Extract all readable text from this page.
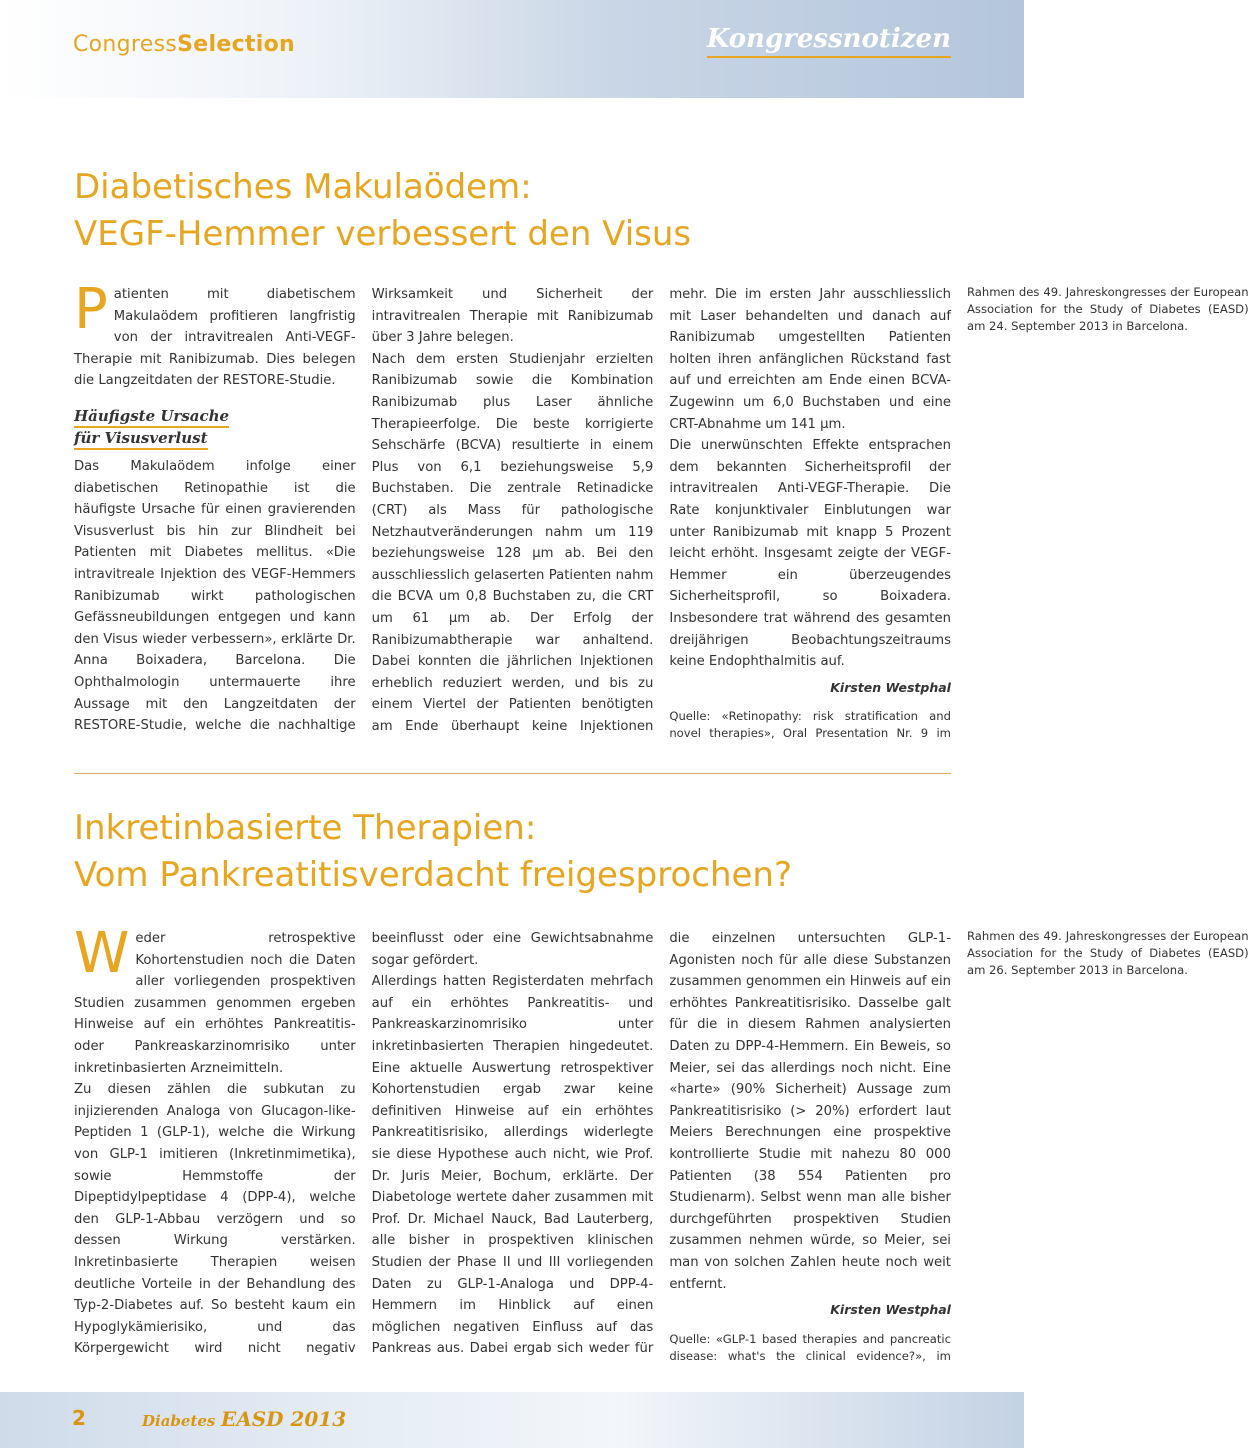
CongressSelection	Kongressnotizen
Diabetisches Makulaödem:
VEGF-Hemmer verbessert den Visus

Patienten mit diabetischem Makulaödem profitieren langfristig von der intravitrealen Anti-VEGF-Therapie mit Ranibizumab. Dies belegen die Langzeitdaten der RESTORE-Studie.

Häufigste Ursache
für Visusverlust

Das Makulaödem infolge einer diabetischen Retinopathie ist die häufigste Ursache für einen gravierenden Visusverlust bis hin zur Blindheit bei Patienten mit Diabetes mellitus. «Die intravitreale Injektion des VEGF-Hemmers Ranibizumab wirkt pathologischen Gefässneubildungen entgegen und kann den Visus wieder verbessern», erklärte Dr. Anna Boixadera, Barcelona. Die Ophthalmologin untermauerte ihre Aussage mit den Langzeitdaten der RESTORE-Studie, welche die nachhaltige Wirksamkeit und Sicherheit der intravitrealen Therapie mit Ranibizumab über 3 Jahre belegen.

Nach dem ersten Studienjahr erzielten Ranibizumab sowie die Kombination Ranibizumab plus Laser ähnliche Therapieerfolge. Die beste korrigierte Sehschärfe (BCVA) resultierte in einem Plus von 6,1 beziehungsweise 5,9 Buchstaben. Die zentrale Retinadicke (CRT) als Mass für pathologische Netzhautveränderungen nahm um 119 beziehungsweise 128 µm ab. Bei den ausschliesslich gelaserten Patienten nahm die BCVA um 0,8 Buchstaben zu, die CRT um 61 µm ab. Der Erfolg der Ranibizumabtherapie war anhaltend. Dabei konnten die jährlichen Injektionen erheblich reduziert werden, und bis zu einem Viertel der Patienten benötigten am Ende überhaupt keine Injektionen mehr. Die im ersten Jahr ausschliesslich mit Laser behandelten und danach auf Ranibizumab umgestellten Patienten holten ihren anfänglichen Rückstand fast auf und erreichten am Ende einen BCVA-Zugewinn um 6,0 Buchstaben und eine CRT-Abnahme um 141 µm.

Die unerwünschten Effekte entsprachen dem bekannten Sicherheitsprofil der intravitrealen Anti-VEGF-Therapie. Die Rate konjunktivaler Einblutungen war unter Ranibizumab mit knapp 5 Prozent leicht erhöht. Insgesamt zeigte der VEGF-Hemmer ein überzeugendes Sicherheitsprofil, so Boixadera. Insbesondere trat während des gesamten dreijährigen Beobachtungszeitraums keine Endophthalmitis auf.

Kirsten Westphal
Quelle: «Retinopathy: risk stratification and novel therapies», Oral Presentation Nr. 9 im Rahmen des 49. Jahreskongresses der European Association for the Study of Diabetes (EASD) am 24. September 2013 in Barcelona.
Inkretinbasierte Therapien:
Vom Pankreatitisverdacht freigesprochen?

Weder retrospektive Kohortenstudien noch die Daten aller vorliegenden prospektiven Studien zusammen genommen ergeben Hinweise auf ein erhöhtes Pankreatitis- oder Pankreaskarzinomrisiko unter inkretinbasierten Arzneimitteln.

Zu diesen zählen die subkutan zu injizierenden Analoga von Glucagon-like-Peptiden 1 (GLP-1), welche die Wirkung von GLP-1 imitieren (Inkretinmimetika), sowie Hemmstoffe der Dipeptidylpeptidase 4 (DPP-4), welche den GLP-1-Abbau verzögern und so dessen Wirkung verstärken. Inkretinbasierte Therapien weisen deutliche Vorteile in der Behandlung des Typ-2-Diabetes auf. So besteht kaum ein Hypoglykämierisiko, und das Körpergewicht wird nicht negativ beeinflusst oder eine Gewichtsabnahme sogar gefördert.

Allerdings hatten Registerdaten mehrfach auf ein erhöhtes Pankreatitis- und Pankreaskarzinomrisiko unter inkretinbasierten Therapien hingedeutet. Eine aktuelle Auswertung retrospektiver Kohortenstudien ergab zwar keine definitiven Hinweise auf ein erhöhtes Pankreatitisrisiko, allerdings widerlegte sie diese Hypothese auch nicht, wie Prof. Dr. Juris Meier, Bochum, erklärte. Der Diabetologe wertete daher zusammen mit Prof. Dr. Michael Nauck, Bad Lauterberg, alle bisher in prospektiven klinischen Studien der Phase II und III vorliegenden Daten zu GLP-1-Analoga und DPP-4-Hemmern im Hinblick auf einen möglichen negativen Einfluss auf das Pankreas aus. Dabei ergab sich weder für die einzelnen untersuchten GLP-1-Agonisten noch für alle diese Substanzen zusammen genommen ein Hinweis auf ein erhöhtes Pankreatitisrisiko. Dasselbe galt für die in diesem Rahmen analysierten Daten zu DPP-4-Hemmern. Ein Beweis, so Meier, sei das allerdings noch nicht. Eine «harte» (90% Sicherheit) Aussage zum Pankreatitisrisiko (> 20%) erfordert laut Meiers Berechnungen eine prospektive kontrollierte Studie mit nahezu 80 000 Patienten (38 554 Patienten pro Studienarm). Selbst wenn man alle bisher durchgeführten prospektiven Studien zusammen nehmen würde, so Meier, sei man von solchen Zahlen heute noch weit entfernt.

Kirsten Westphal
Quelle: «GLP-1 based therapies and pancreatic disease: what's the clinical evidence?», im Rahmen des 49. Jahreskongresses der European Association for the Study of Diabetes (EASD) am 26. September 2013 in Barcelona.
2	Diabetes EASD 2013
